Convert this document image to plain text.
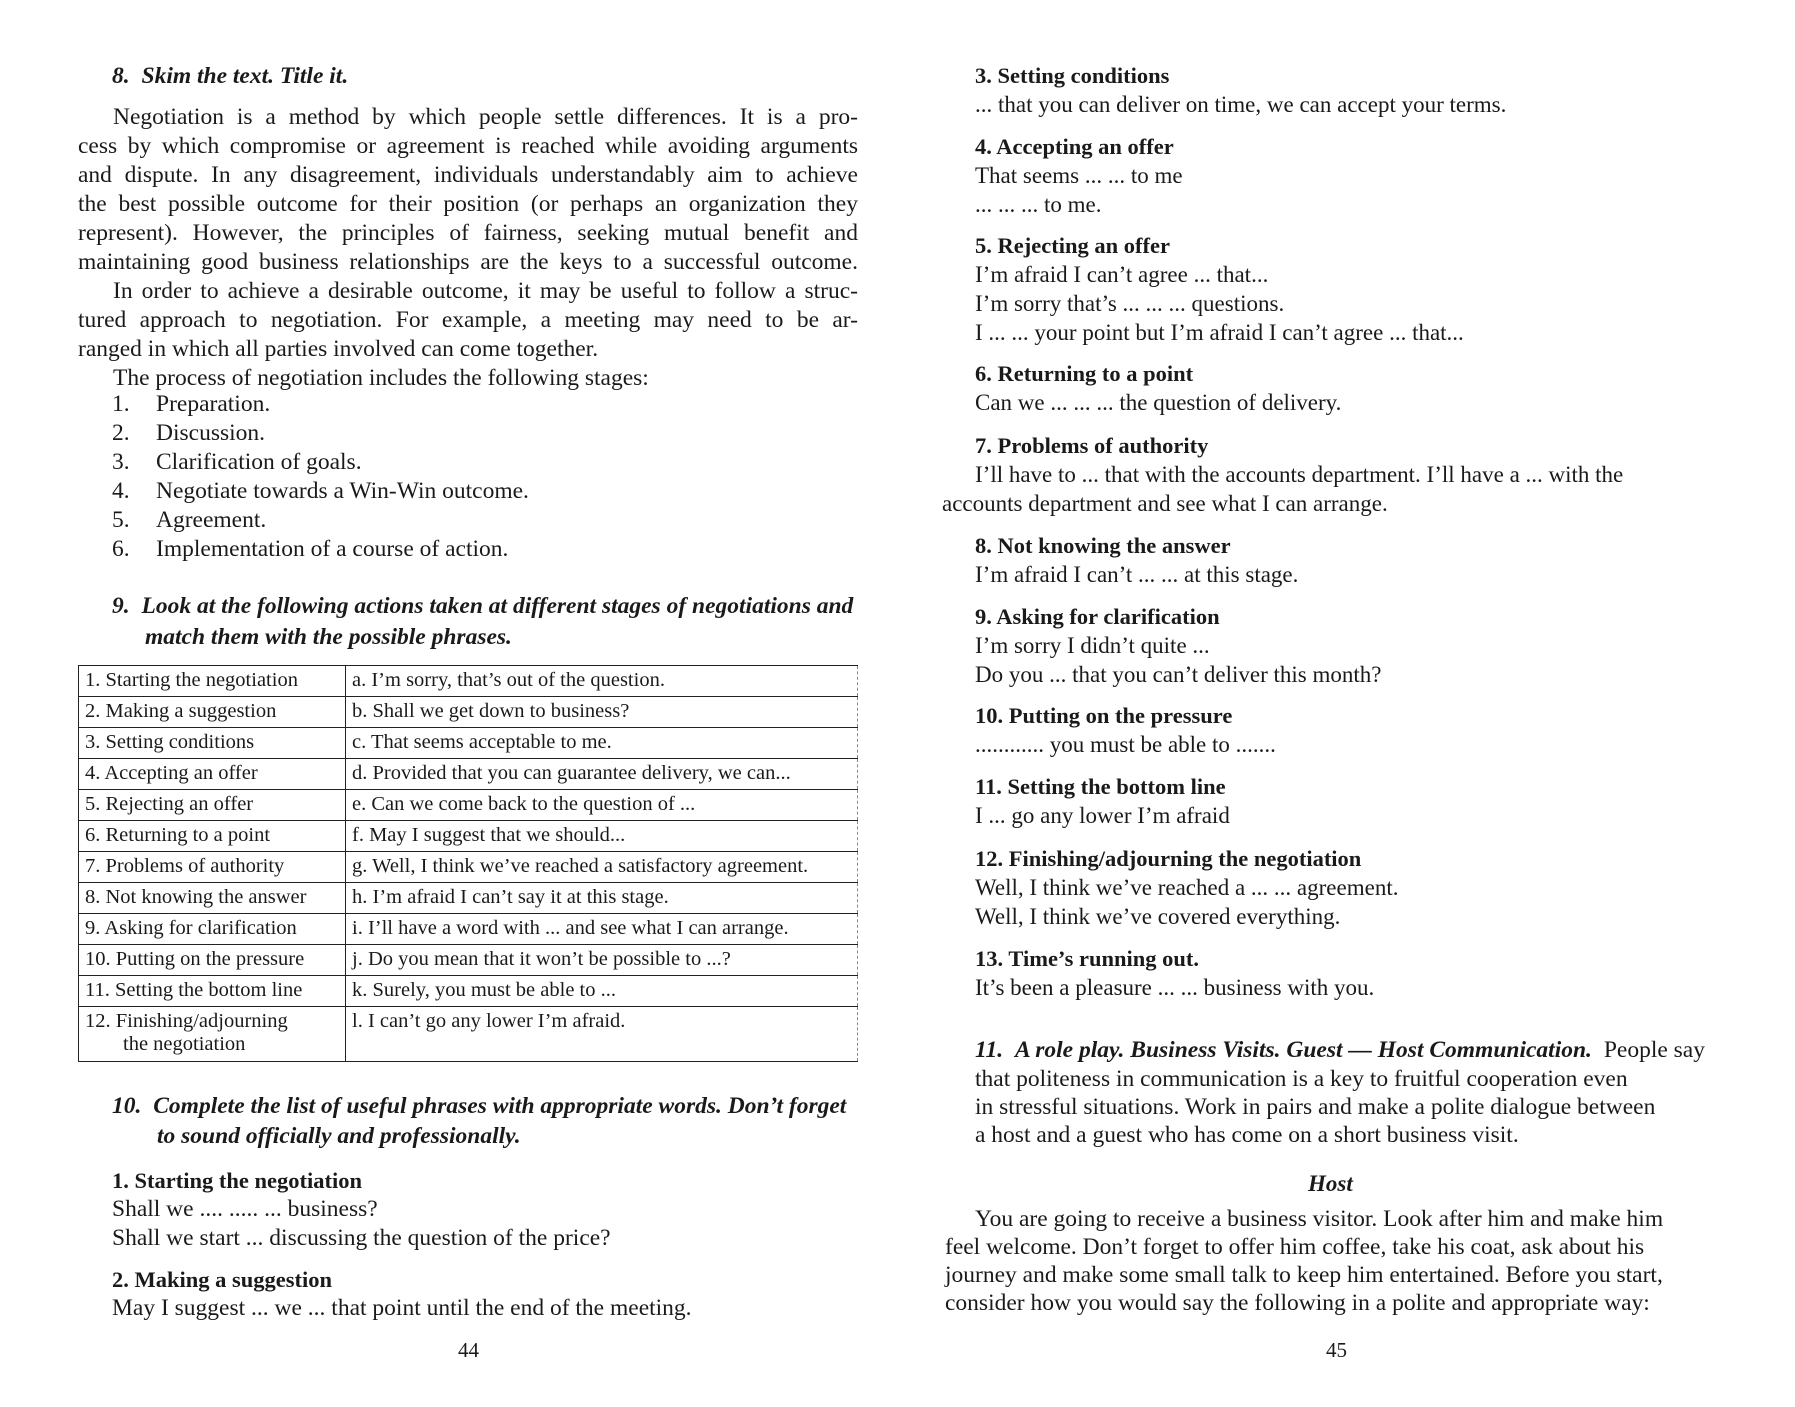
8. Skim the text. Title it.
Negotiation is a method by which people settle differences. It is a pro-
cess by which compromise or agreement is reached while avoiding arguments
and dispute. In any disagreement, individuals understandably aim to achieve
the best possible outcome for their position (or perhaps an organization they
represent). However, the principles of fairness, seeking mutual benefit and
maintaining good business relationships are the keys to a successful outcome.
In order to achieve a desirable outcome, it may be useful to follow a struc-
tured approach to negotiation. For example, a meeting may need to be ar-
ranged in which all parties involved can come together.
The process of negotiation includes the following stages:
1.	Preparation.
2.	Discussion.
3.	Clarification of goals.
4.	Negotiate towards a Win-Win outcome.
5.	Agreement.
6.	Implementation of a course of action.
9. Look at the following actions taken at different stages of negotiations and
match them with the possible phrases.
1. Starting the negotiation	a. I’m sorry, that’s out of the question.
2. Making a suggestion	b. Shall we get down to business?
3. Setting conditions	c. That seems acceptable to me.
4. Accepting an offer	d. Provided that you can guarantee delivery, we can...
5. Rejecting an offer	e. Can we come back to the question of ...
6. Returning to a point	f. May I suggest that we should...
7. Problems of authority	g. Well, I think we’ve reached a satisfactory agreement.
8. Not knowing the answer	h. I’m afraid I can’t say it at this stage.
9. Asking for clarification	i. I’ll have a word with ... and see what I can arrange.
10. Putting on the pressure	j. Do you mean that it won’t be possible to ...?
11. Setting the bottom line	k. Surely, you must be able to ...

12. Finishing/adjourning
the negotiation	l. I can’t go any lower I’m afraid.
10. Complete the list of useful phrases with appropriate words. Don’t forget
to sound officially and professionally.
1. Starting the negotiation
Shall we .... ..... ... business?
Shall we start ... discussing the question of the price?
2. Making a suggestion
May I suggest ... we ... that point until the end of the meeting.
44
3. Setting conditions
... that you can deliver on time, we can accept your terms.
4. Accepting an offer
That seems ... ... to me
... ... ... to me.
5. Rejecting an offer
I’m afraid I can’t agree ... that...
I’m sorry that’s ... ... ... questions.
I ... ... your point but I’m afraid I can’t agree ... that...
6. Returning to a point
Can we ... ... ... the question of delivery.
7. Problems of authority
I’ll have to ... that with the accounts department. I’ll have a ... with the
accounts department and see what I can arrange.
8. Not knowing the answer
I’m afraid I can’t ... ... at this stage.
9. Asking for clarification
I’m sorry I didn’t quite ...
Do you ... that you can’t deliver this month?
10. Putting on the pressure
............ you must be able to .......
11. Setting the bottom line
I ... go any lower I’m afraid
12. Finishing/adjourning the negotiation
Well, I think we’ve reached a ... ... agreement.
Well, I think we’ve covered everything.
13. Time’s running out.
It’s been a pleasure ... ... business with you.
11. A role play. Business Visits. Guest — Host Communication. People say
that politeness in communication is a key to fruitful cooperation even
in stressful situations. Work in pairs and make a polite dialogue between
a host and a guest who has come on a short business visit.
Host
You are going to receive a business visitor. Look after him and make him
feel welcome. Don’t forget to offer him coffee, take his coat, ask about his
journey and make some small talk to keep him entertained. Before you start,
consider how you would say the following in a polite and appropriate way:
45
